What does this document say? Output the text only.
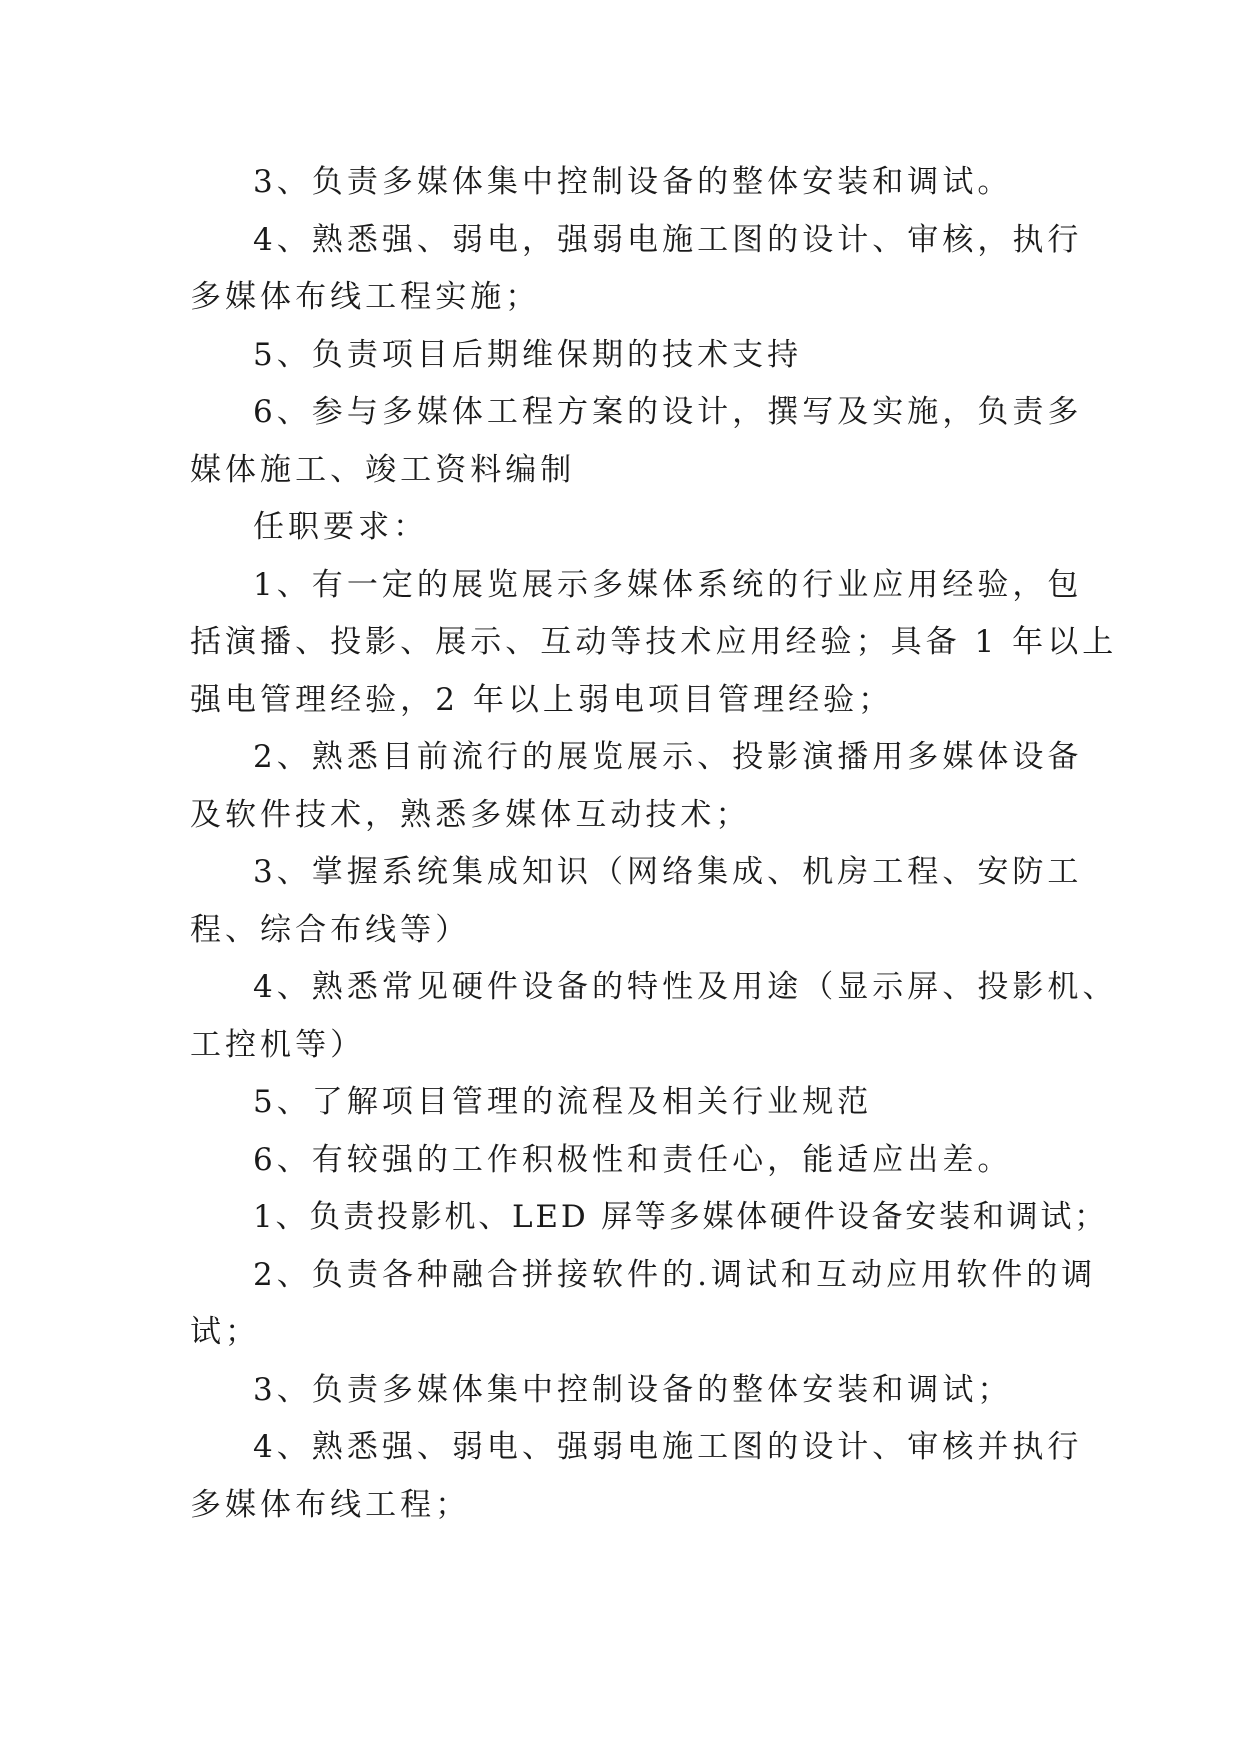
3、负责多媒体集中控制设备的整体安装和调试。
4、熟悉强、弱电，强弱电施工图的设计、审核，执行
多媒体布线工程实施；
5、负责项目后期维保期的技术支持
6、参与多媒体工程方案的设计，撰写及实施，负责多
媒体施工、竣工资料编制
任职要求：
1、有一定的展览展示多媒体系统的行业应用经验，包
括演播、投影、展示、互动等技术应用经验；具备 1 年以上
强电管理经验，2 年以上弱电项目管理经验；
2、熟悉目前流行的展览展示、投影演播用多媒体设备
及软件技术，熟悉多媒体互动技术；
3、掌握系统集成知识（网络集成、机房工程、安防工
程、综合布线等）
4、熟悉常见硬件设备的特性及用途（显示屏、投影机、
工控机等）
5、了解项目管理的流程及相关行业规范
6、有较强的工作积极性和责任心，能适应出差。
1、负责投影机、LED 屏等多媒体硬件设备安装和调试；
2、负责各种融合拼接软件的.调试和互动应用软件的调
试；
3、负责多媒体集中控制设备的整体安装和调试；
4、熟悉强、弱电、强弱电施工图的设计、审核并执行
多媒体布线工程；
